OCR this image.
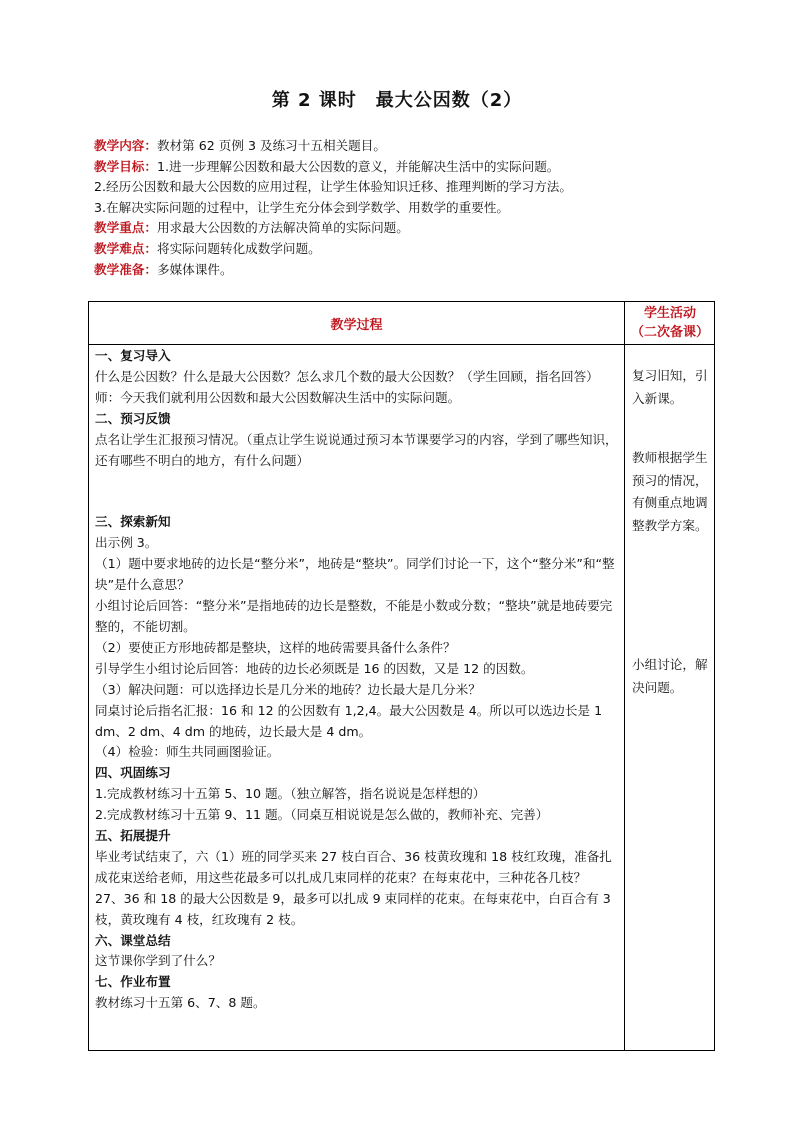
第 2 课时　最大公因数（2）
教学内容：教材第 62 页例 3 及练习十五相关题目。
教学目标：1.进一步理解公因数和最大公因数的意义，并能解决生活中的实际问题。
2.经历公因数和最大公因数的应用过程，让学生体验知识迁移、推理判断的学习方法。
3.在解决实际问题的过程中，让学生充分体会到学数学、用数学的重要性。
教学重点：用求最大公因数的方法解决简单的实际问题。
教学难点：将实际问题转化成数学问题。
教学准备：多媒体课件。
教学过程
学生活动
（二次备课）

一、复习导入

什么是公因数？什么是最大公因数？怎么求几个数的最大公因数？（学生回顾，指名回答）

师：今天我们就利用公因数和最大公因数解决生活中的实际问题。

二、预习反馈

点名让学生汇报预习情况。（重点让学生说说通过预习本节课要学习的内容，学到了哪些知识，还有哪些不明白的地方，有什么问题）

三、探索新知

出示例 3。

（1）题中要求地砖的边长是“整分米”，地砖是“整块”。同学们讨论一下，这个“整分米”和“整块”是什么意思？

小组讨论后回答：“整分米”是指地砖的边长是整数，不能是小数或分数；“整块”就是地砖要完整的，不能切割。

（2）要使正方形地砖都是整块，这样的地砖需要具备什么条件？

引导学生小组讨论后回答：地砖的边长必须既是 16 的因数，又是 12 的因数。

（3）解决问题：可以选择边长是几分米的地砖？边长最大是几分米？

同桌讨论后指名汇报：16 和 12 的公因数有 1,2,4。最大公因数是 4。所以可以选边长是 1 dm、2 dm、4 dm 的地砖，边长最大是 4 dm。

（4）检验：师生共同画图验证。

四、巩固练习

1.完成教材练习十五第 5、10 题。（独立解答，指名说说是怎样想的）

2.完成教材练习十五第 9、11 题。（同桌互相说说是怎么做的，教师补充、完善）

五、拓展提升

毕业考试结束了，六（1）班的同学买来 27 枝白百合、36 枝黄玫瑰和 18 枝红玫瑰，准备扎成花束送给老师，用这些花最多可以扎成几束同样的花束？在每束花中，三种花各几枝？

27、36 和 18 的最大公因数是 9，最多可以扎成 9 束同样的花束。在每束花中，白百合有 3 枝，黄玫瑰有 4 枝，红玫瑰有 2 枝。

六、课堂总结

这节课你学到了什么？

七、作业布置

教材练习十五第 6、7、8 题。

复习旧知，引入新课。
教师根据学生预习的情况，有侧重点地调整教学方案。
小组讨论，解决问题。
